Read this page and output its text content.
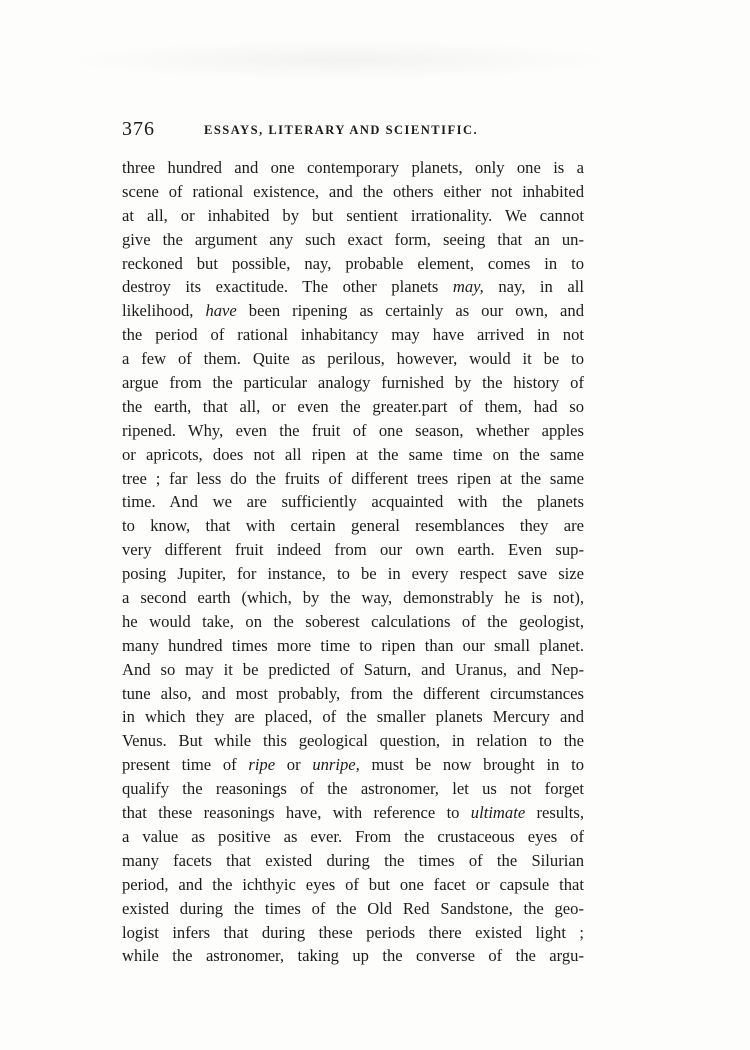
376	ESSAYS, LITERARY AND SCIENTIFIC.
three hundred and one contemporary planets, only one is a
scene of rational existence, and the others either not inhabited
at all, or inhabited by but sentient irrationality. We cannot
give the argument any such exact form, seeing that an un-
reckoned but possible, nay, probable element, comes in to
destroy its exactitude. The other planets may, nay, in all
likelihood, have been ripening as certainly as our own, and
the period of rational inhabitancy may have arrived in not
a few of them. Quite as perilous, however, would it be to
argue from the particular analogy furnished by the history of
the earth, that all, or even the greater.part of them, had so
ripened. Why, even the fruit of one season, whether apples
or apricots, does not all ripen at the same time on the same
tree ; far less do the fruits of different trees ripen at the same
time. And we are sufficiently acquainted with the planets
to know, that with certain general resemblances they are
very different fruit indeed from our own earth. Even sup-
posing Jupiter, for instance, to be in every respect save size
a second earth (which, by the way, demonstrably he is not),
he would take, on the soberest calculations of the geologist,
many hundred times more time to ripen than our small planet.
And so may it be predicted of Saturn, and Uranus, and Nep-
tune also, and most probably, from the different circumstances
in which they are placed, of the smaller planets Mercury and
Venus. But while this geological question, in relation to the
present time of ripe or unripe, must be now brought in to
qualify the reasonings of the astronomer, let us not forget
that these reasonings have, with reference to ultimate results,
a value as positive as ever. From the crustaceous eyes of
many facets that existed during the times of the Silurian
period, and the ichthyic eyes of but one facet or capsule that
existed during the times of the Old Red Sandstone, the geo-
logist infers that during these periods there existed light ;
while the astronomer, taking up the converse of the argu-
